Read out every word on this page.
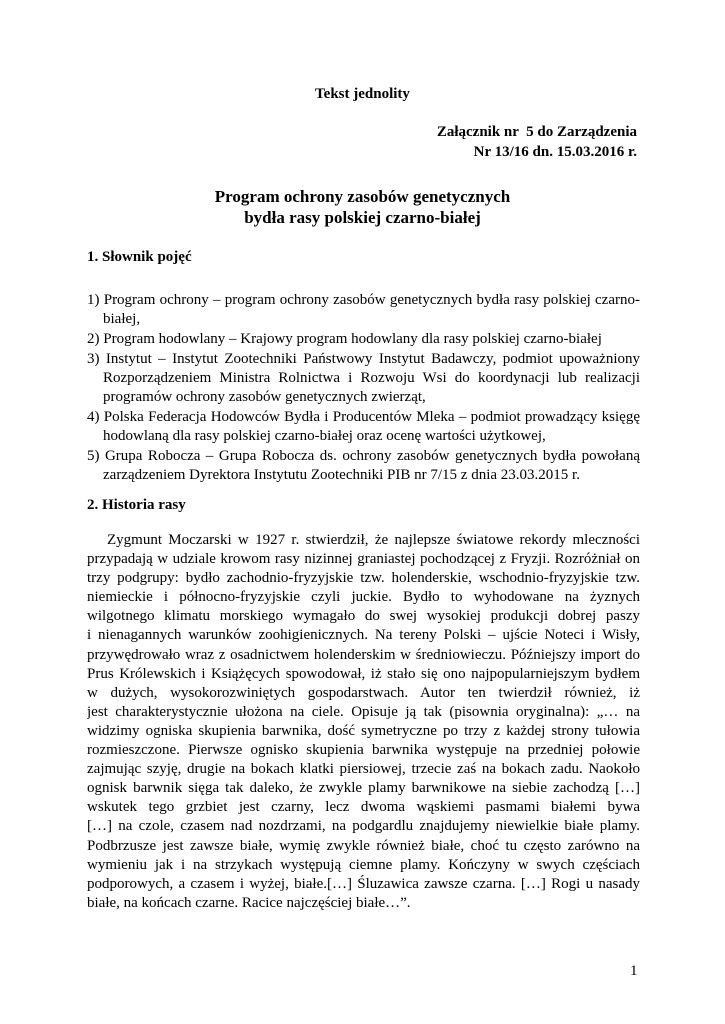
Tekst jednolity
Załącznik nr  5 do Zarządzenia
Nr 13/16 dn. 15.03.2016 r.
Program ochrony zasobów genetycznych
bydła rasy polskiej czarno-białej
1. Słownik pojęć
1) Program ochrony – program ochrony zasobów genetycznych bydła rasy polskiej czarno-
białej,
2) Program hodowlany – Krajowy program hodowlany dla rasy polskiej czarno-białej
3) Instytut – Instytut Zootechniki Państwowy Instytut Badawczy, podmiot upoważniony
Rozporządzeniem Ministra Rolnictwa i Rozwoju Wsi do koordynacji lub realizacji
programów ochrony zasobów genetycznych zwierząt,
4) Polska Federacja Hodowców Bydła i Producentów Mleka – podmiot prowadzący księgę
hodowlaną dla rasy polskiej czarno-białej oraz ocenę wartości użytkowej,
5) Grupa Robocza – Grupa Robocza ds. ochrony zasobów genetycznych bydła powołaną
zarządzeniem Dyrektora Instytutu Zootechniki PIB nr 7/15 z dnia 23.03.2015 r.
2. Historia rasy
Zygmunt Moczarski w 1927 r. stwierdził, że najlepsze światowe rekordy mleczności
przypadają w udziale krowom rasy nizinnej graniastej pochodzącej z Fryzji. Rozróżniał on
trzy podgrupy: bydło zachodnio-fryzyjskie tzw. holenderskie, wschodnio-fryzyjskie tzw.
niemieckie i północno-fryzyjskie czyli juckie. Bydło to wyhodowane na żyznych
wilgotnego klimatu morskiego wymagało do swej wysokiej produkcji dobrej paszy
i nienagannych warunków zoohigienicznych. Na tereny Polski – ujście Noteci i Wisły,
przywędrowało wraz z osadnictwem holenderskim w średniowieczu. Późniejszy import do
Prus Królewskich i Książęcych spowodował, iż stało się ono najpopularniejszym bydłem
w dużych, wysokorozwiniętych gospodarstwach. Autor ten twierdził również, iż
jest charakterystycznie ułożona na ciele. Opisuje ją tak (pisownia oryginalna): „… na
widzimy ogniska skupienia barwnika, dość symetryczne po trzy z każdej strony tułowia
rozmieszczone. Pierwsze ognisko skupienia barwnika występuje na przedniej połowie
zajmując szyję, drugie na bokach klatki piersiowej, trzecie zaś na bokach zadu. Naokoło
ognisk barwnik sięga tak daleko, że zwykle plamy barwnikowe na siebie zachodzą […]
wskutek tego grzbiet jest czarny, lecz dwoma wąskiemi pasmami białemi bywa
[…] na czole, czasem nad nozdrzami, na podgardlu znajdujemy niewielkie białe plamy.
Podbrzusze jest zawsze białe, wymię zwykle również białe, choć tu często zarówno na
wymieniu jak i na strzykach występują ciemne plamy. Kończyny w swych częściach
podporowych, a czasem i wyżej, białe.[…] Śluzawica zawsze czarna. […] Rogi u nasady
białe, na końcach czarne. Racice najczęściej białe…”.
1
